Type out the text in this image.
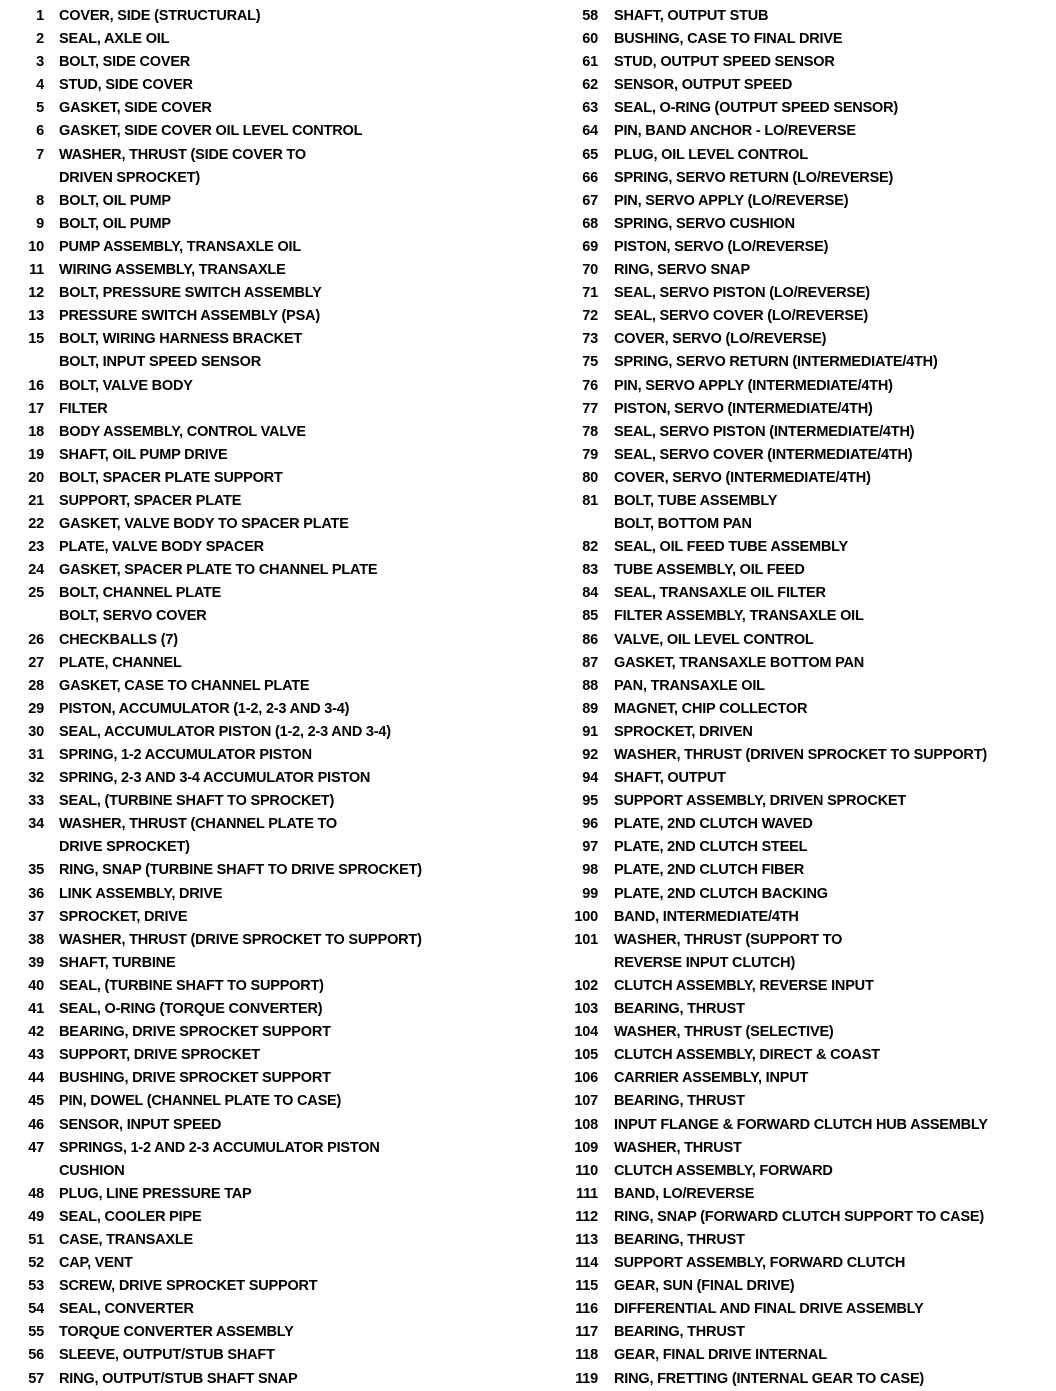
1 COVER, SIDE (STRUCTURAL)
2 SEAL, AXLE OIL
3 BOLT, SIDE COVER
4 STUD, SIDE COVER
5 GASKET, SIDE COVER
6 GASKET, SIDE COVER OIL LEVEL CONTROL
7 WASHER, THRUST (SIDE COVER TO
DRIVEN SPROCKET)
8 BOLT, OIL PUMP
9 BOLT, OIL PUMP
10 PUMP ASSEMBLY, TRANSAXLE OIL
11 WIRING ASSEMBLY, TRANSAXLE
12 BOLT, PRESSURE SWITCH ASSEMBLY
13 PRESSURE SWITCH ASSEMBLY (PSA)
15 BOLT, WIRING HARNESS BRACKET
BOLT, INPUT SPEED SENSOR
16 BOLT, VALVE BODY
17 FILTER
18 BODY ASSEMBLY, CONTROL VALVE
19 SHAFT, OIL PUMP DRIVE
20 BOLT, SPACER PLATE SUPPORT
21 SUPPORT, SPACER PLATE
22 GASKET, VALVE BODY TO SPACER PLATE
23 PLATE, VALVE BODY SPACER
24 GASKET, SPACER PLATE TO CHANNEL PLATE
25 BOLT, CHANNEL PLATE
BOLT, SERVO COVER
26 CHECKBALLS (7)
27 PLATE, CHANNEL
28 GASKET, CASE TO CHANNEL PLATE
29 PISTON, ACCUMULATOR (1-2, 2-3 AND 3-4)
30 SEAL, ACCUMULATOR PISTON (1-2, 2-3 AND 3-4)
31 SPRING, 1-2 ACCUMULATOR PISTON
32 SPRING, 2-3 AND 3-4 ACCUMULATOR PISTON
33 SEAL, (TURBINE SHAFT TO SPROCKET)
34 WASHER, THRUST (CHANNEL PLATE TO
DRIVE SPROCKET)
35 RING, SNAP (TURBINE SHAFT TO DRIVE SPROCKET)
36 LINK ASSEMBLY, DRIVE
37 SPROCKET, DRIVE
38 WASHER, THRUST (DRIVE SPROCKET TO SUPPORT)
39 SHAFT, TURBINE
40 SEAL, (TURBINE SHAFT TO SUPPORT)
41 SEAL, O-RING (TORQUE CONVERTER)
42 BEARING, DRIVE SPROCKET SUPPORT
43 SUPPORT, DRIVE SPROCKET
44 BUSHING, DRIVE SPROCKET SUPPORT
45 PIN, DOWEL (CHANNEL PLATE TO CASE)
46 SENSOR, INPUT SPEED
47 SPRINGS, 1-2 AND 2-3 ACCUMULATOR PISTON
CUSHION
48 PLUG, LINE PRESSURE TAP
49 SEAL, COOLER PIPE
51 CASE, TRANSAXLE
52 CAP, VENT
53 SCREW, DRIVE SPROCKET SUPPORT
54 SEAL, CONVERTER
55 TORQUE CONVERTER ASSEMBLY
56 SLEEVE, OUTPUT/STUB SHAFT
57 RING, OUTPUT/STUB SHAFT SNAP
58 SHAFT, OUTPUT STUB
60 BUSHING, CASE TO FINAL DRIVE
61 STUD, OUTPUT SPEED SENSOR
62 SENSOR, OUTPUT SPEED
63 SEAL, O-RING (OUTPUT SPEED SENSOR)
64 PIN, BAND ANCHOR - LO/REVERSE
65 PLUG, OIL LEVEL CONTROL
66 SPRING, SERVO RETURN (LO/REVERSE)
67 PIN, SERVO APPLY (LO/REVERSE)
68 SPRING, SERVO CUSHION
69 PISTON, SERVO (LO/REVERSE)
70 RING, SERVO SNAP
71 SEAL, SERVO PISTON (LO/REVERSE)
72 SEAL, SERVO COVER (LO/REVERSE)
73 COVER, SERVO (LO/REVERSE)
75 SPRING, SERVO RETURN (INTERMEDIATE/4TH)
76 PIN, SERVO APPLY (INTERMEDIATE/4TH)
77 PISTON, SERVO (INTERMEDIATE/4TH)
78 SEAL, SERVO PISTON (INTERMEDIATE/4TH)
79 SEAL, SERVO COVER (INTERMEDIATE/4TH)
80 COVER, SERVO (INTERMEDIATE/4TH)
81 BOLT, TUBE ASSEMBLY
BOLT, BOTTOM PAN
82 SEAL, OIL FEED TUBE ASSEMBLY
83 TUBE ASSEMBLY, OIL FEED
84 SEAL, TRANSAXLE OIL FILTER
85 FILTER ASSEMBLY, TRANSAXLE OIL
86 VALVE, OIL LEVEL CONTROL
87 GASKET, TRANSAXLE BOTTOM PAN
88 PAN, TRANSAXLE OIL
89 MAGNET, CHIP COLLECTOR
91 SPROCKET, DRIVEN
92 WASHER, THRUST (DRIVEN SPROCKET TO SUPPORT)
94 SHAFT, OUTPUT
95 SUPPORT ASSEMBLY, DRIVEN SPROCKET
96 PLATE, 2ND CLUTCH WAVED
97 PLATE, 2ND CLUTCH STEEL
98 PLATE, 2ND CLUTCH FIBER
99 PLATE, 2ND CLUTCH BACKING
100 BAND, INTERMEDIATE/4TH
101 WASHER, THRUST (SUPPORT TO
REVERSE INPUT CLUTCH)
102 CLUTCH ASSEMBLY, REVERSE INPUT
103 BEARING, THRUST
104 WASHER, THRUST (SELECTIVE)
105 CLUTCH ASSEMBLY, DIRECT & COAST
106 CARRIER ASSEMBLY, INPUT
107 BEARING, THRUST
108 INPUT FLANGE & FORWARD CLUTCH HUB ASSEMBLY
109 WASHER, THRUST
110 CLUTCH ASSEMBLY, FORWARD
111 BAND, LO/REVERSE
112 RING, SNAP (FORWARD CLUTCH SUPPORT TO CASE)
113 BEARING, THRUST
114 SUPPORT ASSEMBLY, FORWARD CLUTCH
115 GEAR, SUN (FINAL DRIVE)
116 DIFFERENTIAL AND FINAL DRIVE ASSEMBLY
117 BEARING, THRUST
118 GEAR, FINAL DRIVE INTERNAL
119 RING, FRETTING (INTERNAL GEAR TO CASE)
